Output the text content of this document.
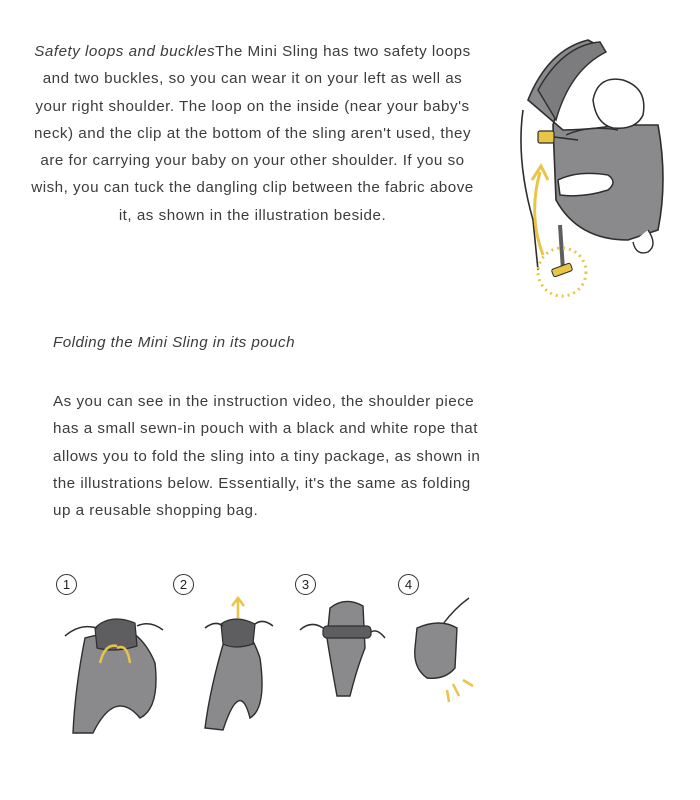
Safety loops and bucklesThe Mini Sling has two safety loops and two buckles, so you can wear it on your left as well as your right shoulder. The loop on the inside (near your baby's neck) and the clip at the bottom of the sling aren't used, they are for carrying your baby on your other shoulder. If you so wish, you can tuck the dangling clip between the fabric above it, as shown in the illustration beside.
Folding the Mini Sling in its pouch
As you can see in the instruction video, the shoulder piece has a small sewn-in pouch with a black and white rope that allows you to fold the sling into a tiny package, as shown in the illustrations below. Essentially, it's the same as folding up a reusable shopping bag.
1	2	3	4
